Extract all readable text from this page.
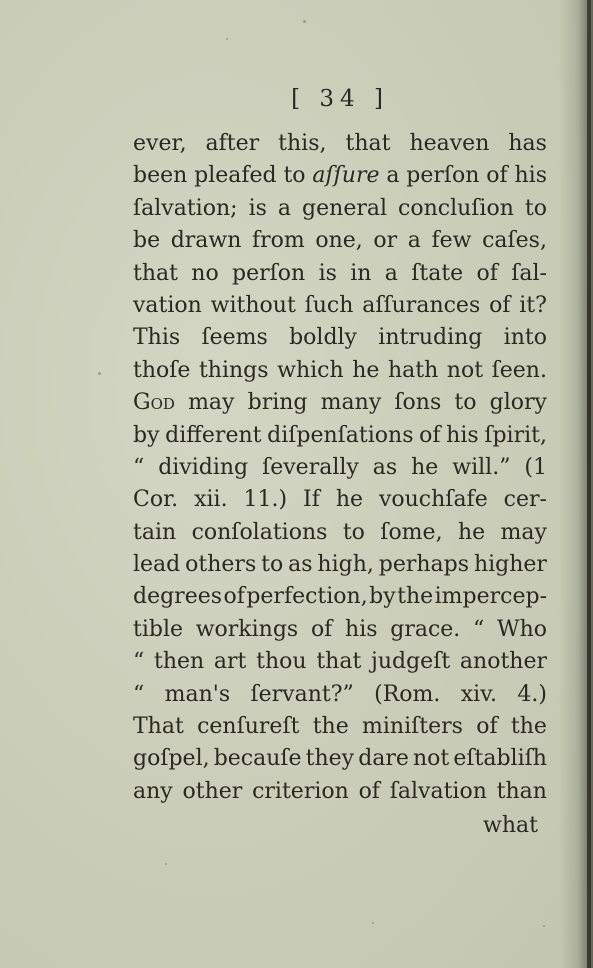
[ 34 ]
ever, after this, that heaven has
been pleafed to aſſure a perſon of his
ſalvation; is a general concluſion to
be drawn from one, or a few caſes,
that no perſon is in a ſtate of ſal-
vation without ſuch aſſurances of it?
This ſeems boldly intruding into
thoſe things which he hath not ſeen.
God may bring many ſons to glory
by different diſpenſations of his ſpirit,
“ dividing ſeverally as he will.” (1
Cor. xii. 11.) If he vouchſafe cer-
tain conſolations to ſome, he may
lead others to as high, perhaps higher
degrees of perfection, by the impercep-
tible workings of his grace. “ Who
“ then art thou that judgeſt another
“ man's ſervant?” (Rom. xiv. 4.)
That cenſureſt the miniſters of the
goſpel, becauſe they dare not eſtabliſh
any other criterion of ſalvation than
what
